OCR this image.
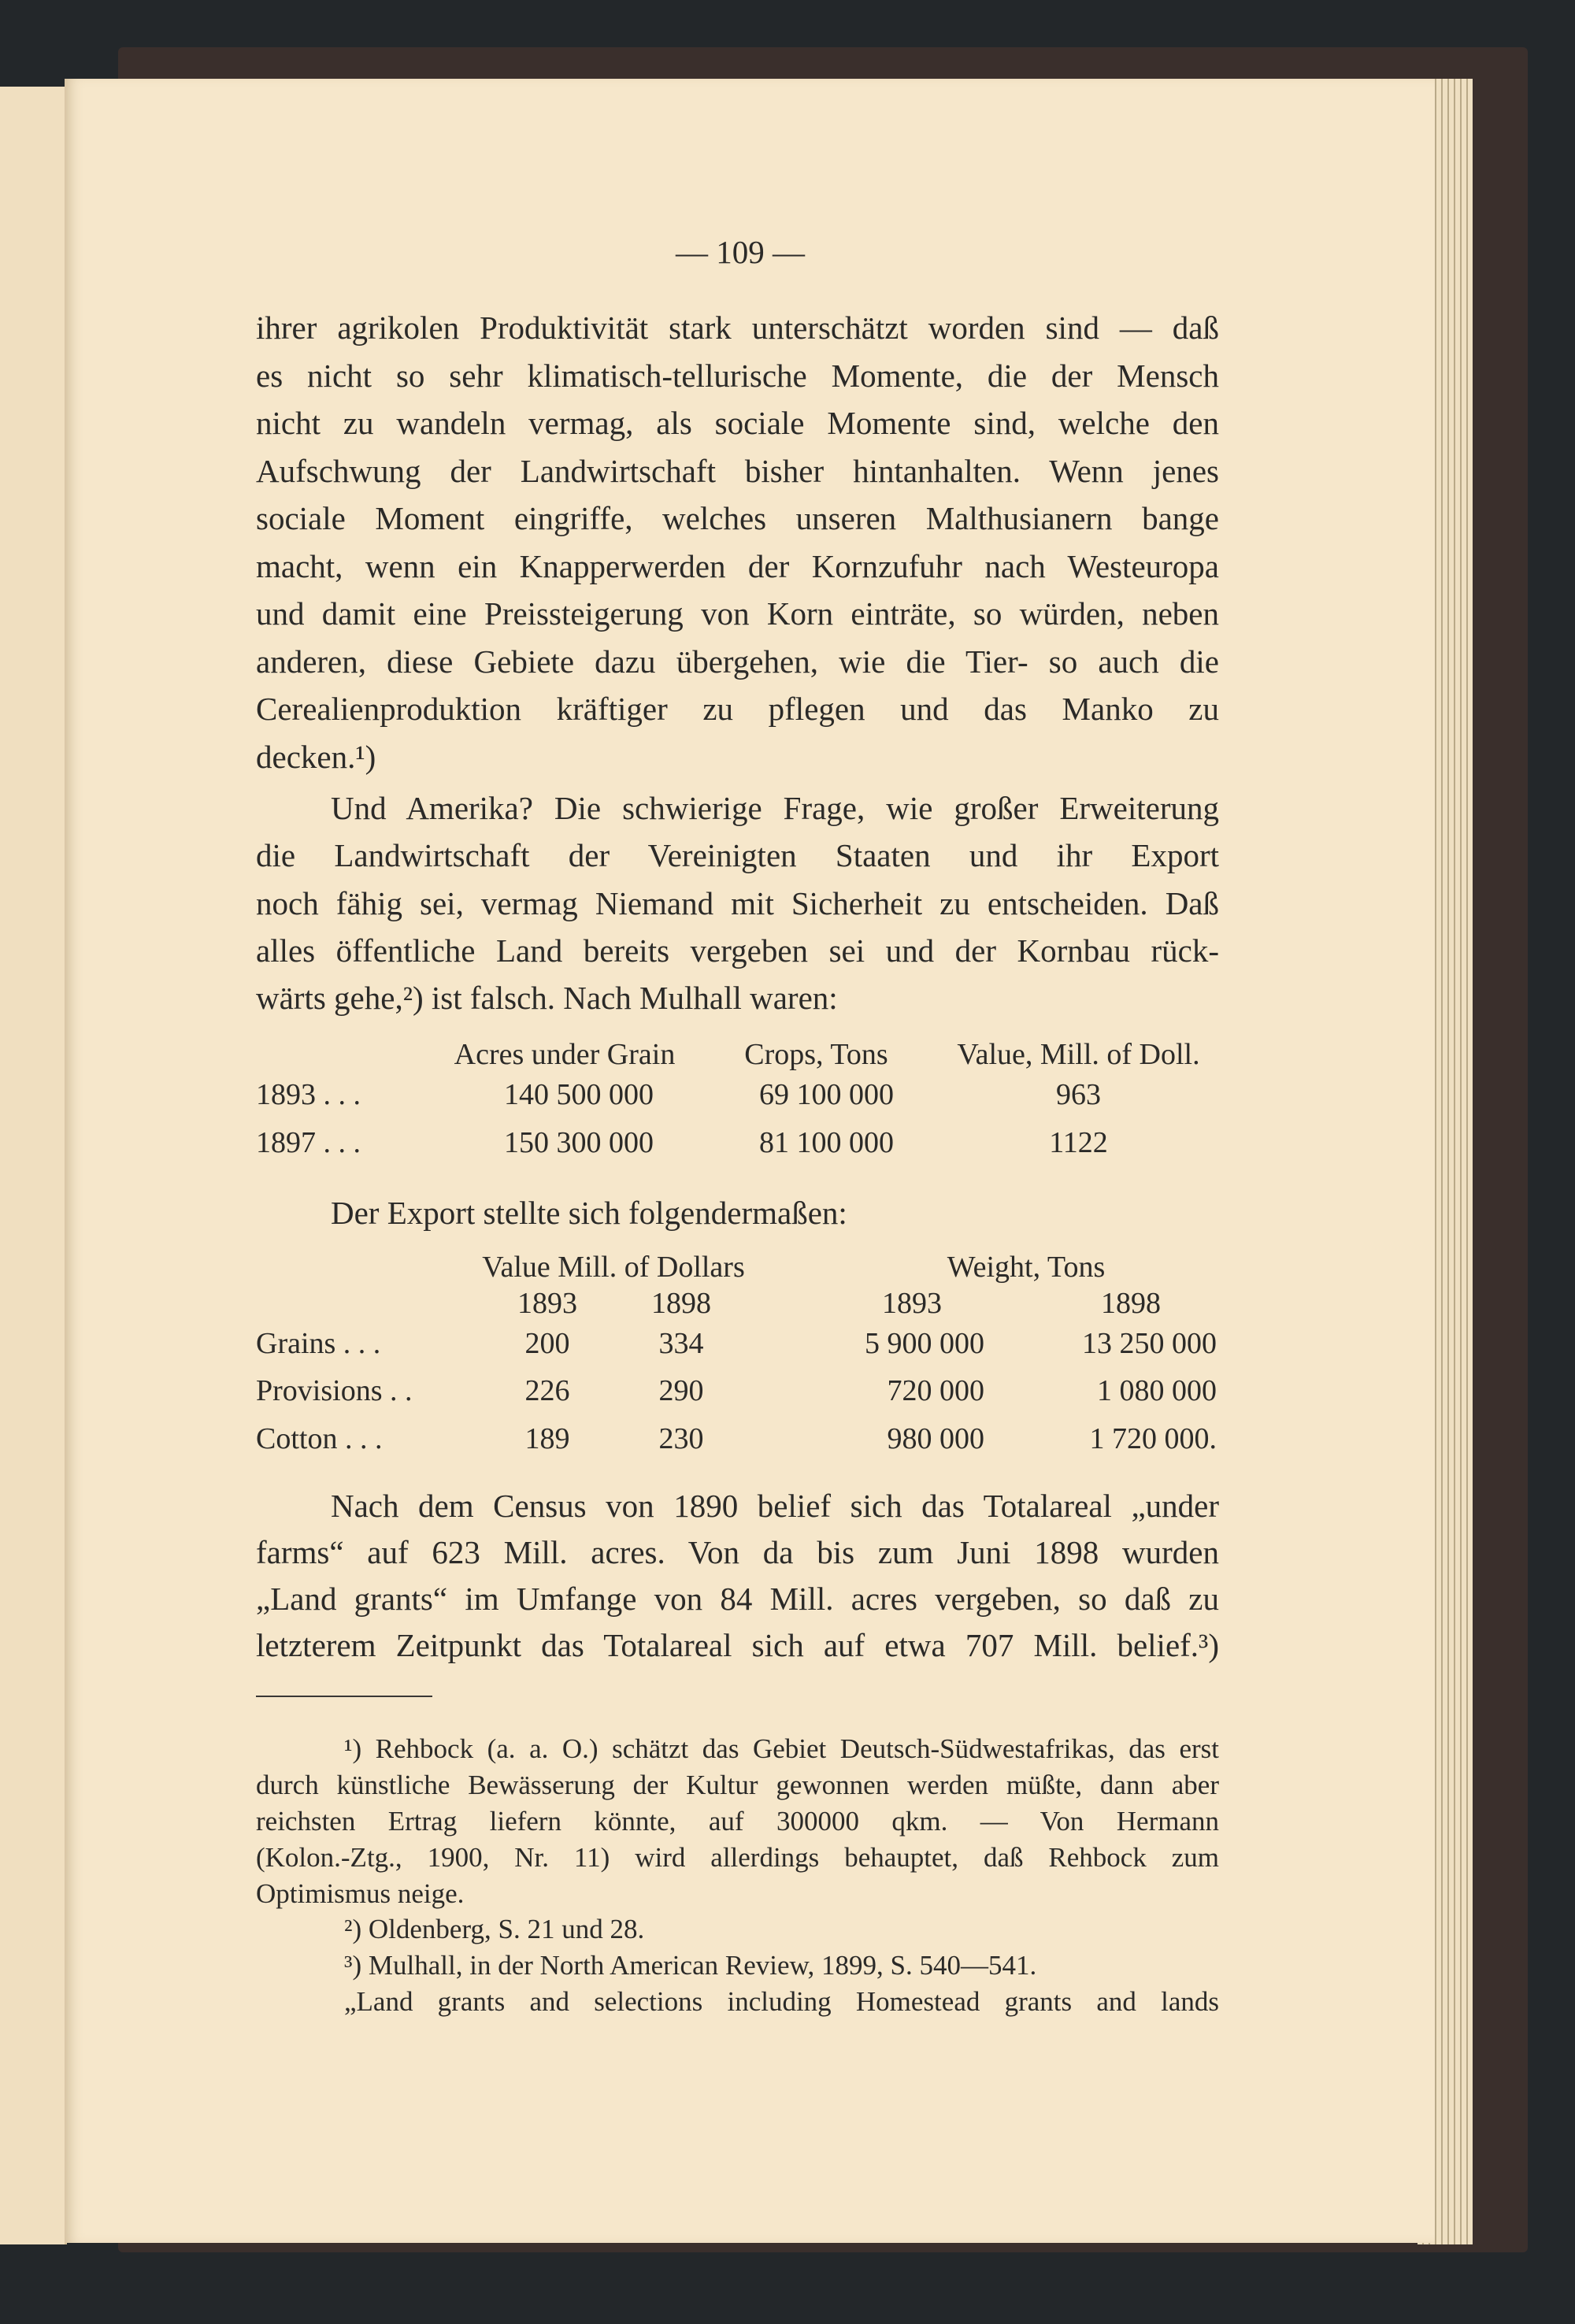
— 109 —
ihrer agrikolen Produktivität stark unterschätzt worden sind — daß
es nicht so sehr klimatisch-tellurische Momente, die der Mensch
nicht zu wandeln vermag, als sociale Momente sind, welche den
Aufschwung der Landwirtschaft bisher hintanhalten. Wenn jenes
sociale Moment eingriffe, welches unseren Malthusianern bange
macht, wenn ein Knapperwerden der Kornzufuhr nach Westeuropa
und damit eine Preissteigerung von Korn einträte, so würden, neben
anderen, diese Gebiete dazu übergehen, wie die Tier- so auch die
Cerealienproduktion kräftiger zu pflegen und das Manko zu
decken.¹)
Und Amerika? Die schwierige Frage, wie großer Erweiterung
die Landwirtschaft der Vereinigten Staaten und ihr Export
noch fähig sei, vermag Niemand mit Sicherheit zu entscheiden. Daß
alles öffentliche Land bereits vergeben sei und der Kornbau rück-
wärts gehe,²) ist falsch. Nach Mulhall waren:
Der Export stellte sich folgendermaßen:
Nach dem Census von 1890 belief sich das Totalareal „under
farms“ auf 623 Mill. acres. Von da bis zum Juni 1898 wurden
„Land grants“ im Umfange von 84 Mill. acres vergeben, so daß zu
letzterem Zeitpunkt das Totalareal sich auf etwa 707 Mill. belief.³)
Acres under Grain	Crops, Tons	Value, Mill. of Doll.
1893 . . .	140 500 000	69 100 000	963
1897 . . .	150 300 000	81 100 000	1122
Value Mill. of Dollars	Weight, Tons
1893 1898	1893	1898
Grains . . .	200	334	5 900 000	13 250 000
Provisions . .	226	290	720 000	1 080 000
Cotton . . .	189	230	980 000	1 720 000.
¹) Rehbock (a. a. O.) schätzt das Gebiet Deutsch-Südwestafrikas, das erst
durch künstliche Bewässerung der Kultur gewonnen werden müßte, dann aber
reichsten Ertrag liefern könnte, auf 300000 qkm. — Von Hermann
(Kolon.-Ztg., 1900, Nr. 11) wird allerdings behauptet, daß Rehbock zum
Optimismus neige.
²) Oldenberg, S. 21 und 28.
³) Mulhall, in der North American Review, 1899, S. 540—541.
„Land grants and selections including Homestead grants and lands
